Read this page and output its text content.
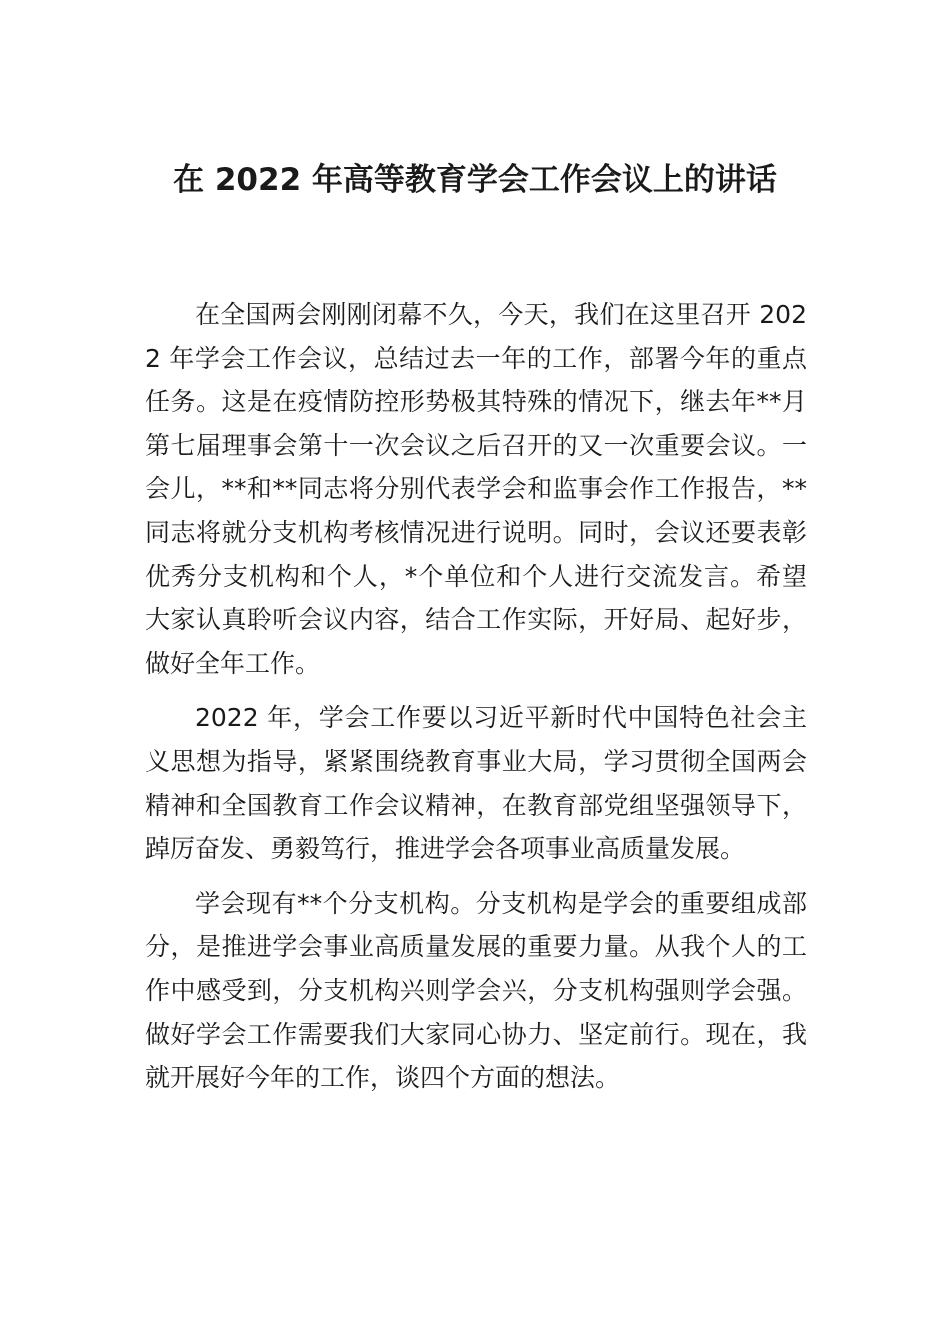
在 2022 年高等教育学会工作会议上的讲话

在全国两会刚刚闭幕不久，今天，我们在这里召开 2022 年学会工作会议，总结过去一年的工作，部署今年的重点任务。这是在疫情防控形势极其特殊的情况下，继去年**月第七届理事会第十一次会议之后召开的又一次重要会议。一会儿，**和**同志将分别代表学会和监事会作工作报告，**同志将就分支机构考核情况进行说明。同时，会议还要表彰优秀分支机构和个人，*个单位和个人进行交流发言。希望大家认真聆听会议内容，结合工作实际，开好局、起好步，做好全年工作。

2022 年，学会工作要以习近平新时代中国特色社会主义思想为指导，紧紧围绕教育事业大局，学习贯彻全国两会精神和全国教育工作会议精神，在教育部党组坚强领导下，踔厉奋发、勇毅笃行，推进学会各项事业高质量发展。

学会现有**个分支机构。分支机构是学会的重要组成部分，是推进学会事业高质量发展的重要力量。从我个人的工作中感受到，分支机构兴则学会兴，分支机构强则学会强。做好学会工作需要我们大家同心协力、坚定前行。现在，我就开展好今年的工作，谈四个方面的想法。
